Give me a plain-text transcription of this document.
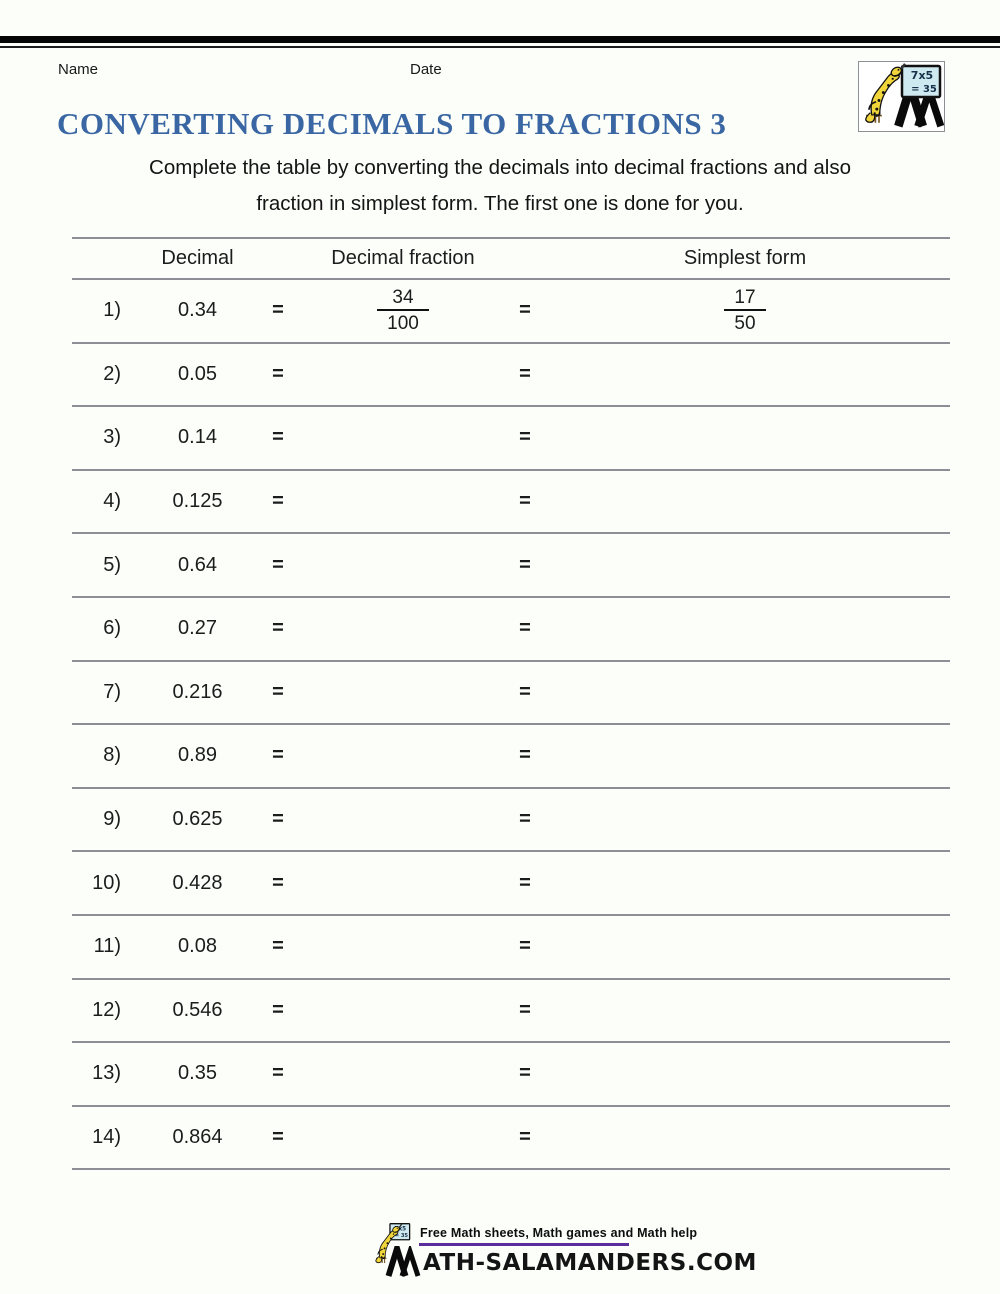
Name	Date
CONVERTING DECIMALS TO FRACTIONS 3
Complete the table by converting the decimals into decimal fractions and also
fraction in simplest form. The first one is done for you.
	Decimal		Decimal fraction		Simplest form
1)	0.34	=	$\frac{34}{100}$	=	$\frac{17}{50}$

2)	0.05	=		=	
3)	0.14	=		=	
4)	0.125	=		=	
5)	0.64	=		=	
6)	0.27	=		=	
7)	0.216	=		=	
8)	0.89	=		=	
9)	0.625	=		=	
10)	0.428	=		=	
11)	0.08	=		=	
12)	0.546	=		=	
13)	0.35	=		=	
14)	0.864	=		=	
Free Math sheets, Math games and Math help
ATH-SALAMANDERS.COM
